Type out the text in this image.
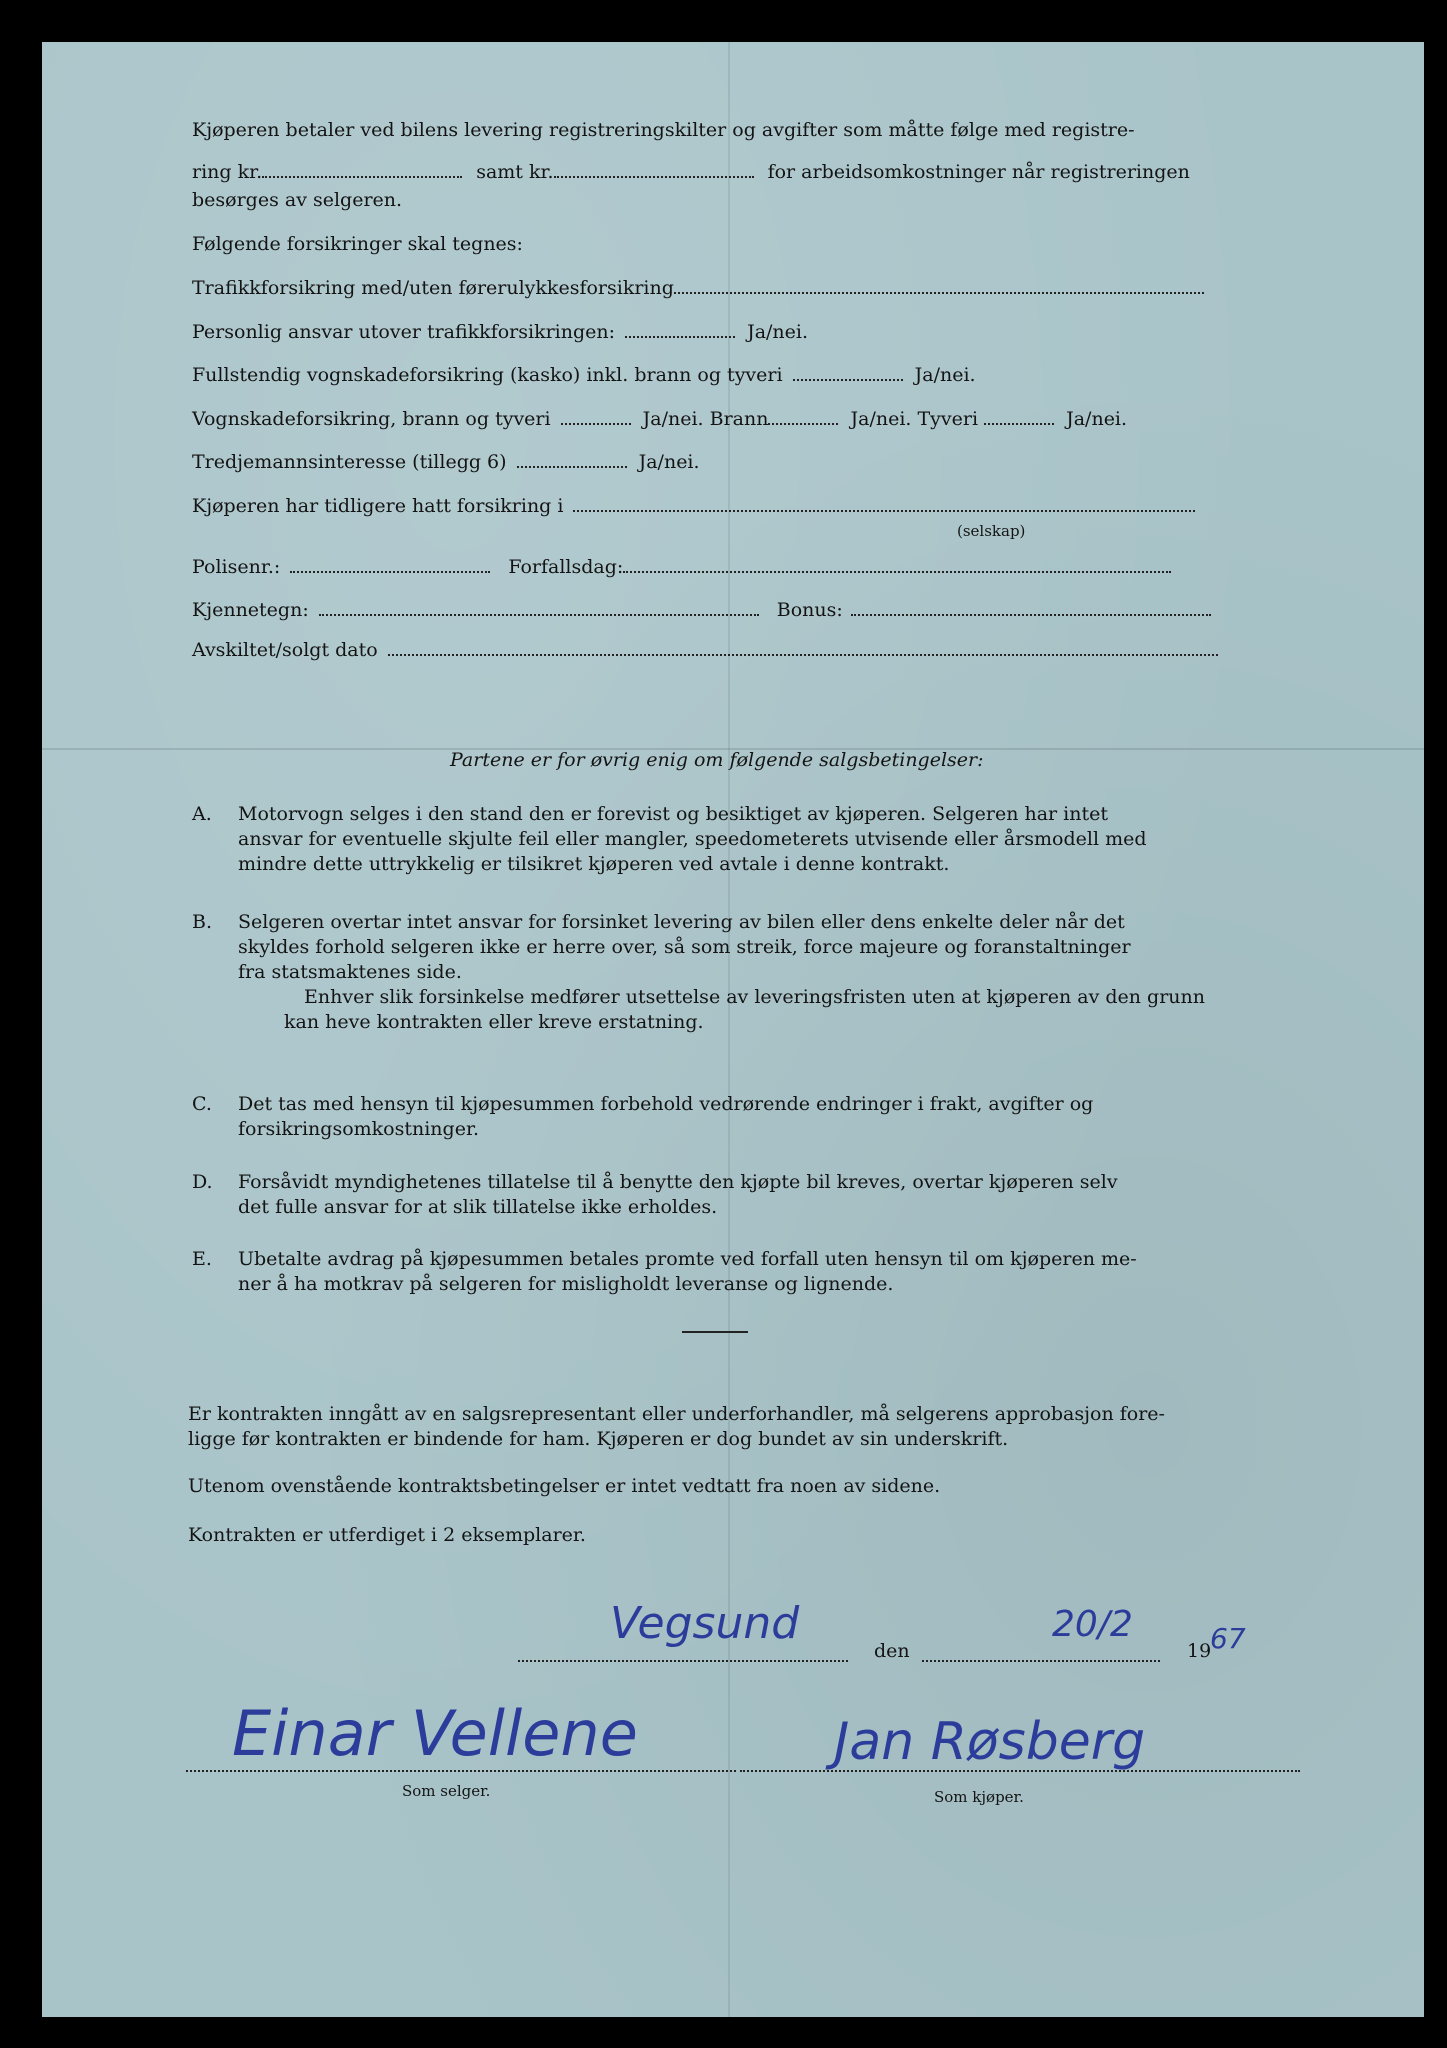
Kjøperen betaler ved bilens levering registreringskilter og avgifter som måtte følge med registre-
ring kr.	samt kr.	for arbeidsomkostninger når registreringen
besørges av selgeren.
Følgende forsikringer skal tegnes:
Trafikkforsikring med/uten førerulykkesforsikring
Personlig ansvar utover trafikkforsikringen:	Ja/nei.
Fullstendig vognskadeforsikring (kasko) inkl. brann og tyveri	Ja/nei.
Vognskadeforsikring, brann og tyveri	Ja/nei. Brann	Ja/nei. Tyveri	Ja/nei.
Tredjemannsinteresse (tillegg 6)	Ja/nei.
Kjøperen har tidligere hatt forsikring i
(selskap)
Polisenr.:	Forfallsdag:
Kjennetegn:	Bonus:
Avskiltet/solgt dato
Partene er for øvrig enig om følgende salgsbetingelser:
A.	Motorvogn selges i den stand den er forevist og besiktiget av kjøperen. Selgeren har intet
ansvar for eventuelle skjulte feil eller mangler, speedometerets utvisende eller årsmodell med
mindre dette uttrykkelig er tilsikret kjøperen ved avtale i denne kontrakt.
B.	Selgeren overtar intet ansvar for forsinket levering av bilen eller dens enkelte deler når det
skyldes forhold selgeren ikke er herre over, så som streik, force majeure og foranstaltninger
fra statsmaktenes side.
Enhver slik forsinkelse medfører utsettelse av leveringsfristen uten at kjøperen av den grunn
kan heve kontrakten eller kreve erstatning.
C.	Det tas med hensyn til kjøpesummen forbehold vedrørende endringer i frakt, avgifter og
forsikringsomkostninger.
D.	Forsåvidt myndighetenes tillatelse til å benytte den kjøpte bil kreves, overtar kjøperen selv
det fulle ansvar for at slik tillatelse ikke erholdes.
E.	Ubetalte avdrag på kjøpesummen betales promte ved forfall uten hensyn til om kjøperen me-
ner å ha motkrav på selgeren for misligholdt leveranse og lignende.
Er kontrakten inngått av en salgsrepresentant eller underforhandler, må selgerens approbasjon fore-
ligge før kontrakten er bindende for ham. Kjøperen er dog bundet av sin underskrift.
Utenom ovenstående kontraktsbetingelser er intet vedtatt fra noen av sidene.
Kontrakten er utferdiget i 2 eksemplarer.
Vegsund
den
20/2
19
67
Einar Vellene	Jan Røsberg
Som selger.	Som kjøper.
